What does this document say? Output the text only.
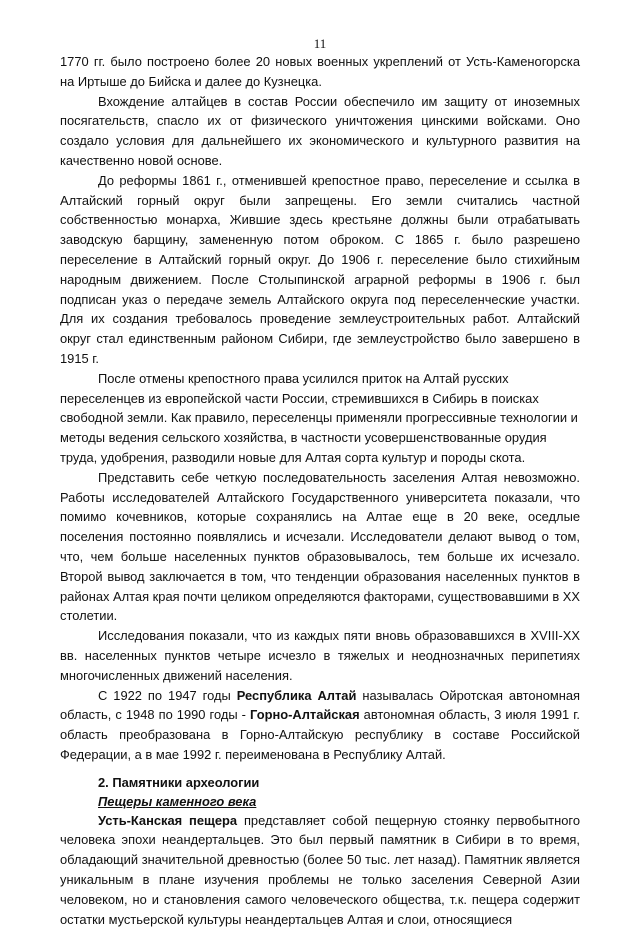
11

1770 гг. было построено более 20 новых военных укреплений от Усть-Каменогорска на Иртыше до Бийска и далее до Кузнецка.

Вхождение алтайцев в состав России обеспечило им защиту от иноземных посягательств, спасло их от физического уничтожения цинскими войсками. Оно создало условия для дальнейшего их экономического и культурного развития на качественно новой основе.

До реформы 1861 г., отменившей крепостное право, переселение и ссылка в Алтайский горный округ были запрещены. Его земли считались частной собственностью монарха, Жившие здесь крестьяне должны были отрабатывать заводскую барщину, замененную потом оброком. С 1865 г. было разрешено переселение в Алтайский горный округ. До 1906 г. переселение было стихийным народным движением. После Столыпинской аграрной реформы в 1906 г. был подписан указ о передаче земель Алтайского округа под переселенческие участки. Для их создания требовалось проведение землеустроительных работ. Алтайский округ стал единственным районом Сибири, где землеустройство было завершено в 1915 г.

После отмены крепостного права усилился приток на Алтай русских переселенцев из европейской части России, стремившихся в Сибирь в поисках свободной земли. Как правило, переселенцы применяли прогрессивные технологии и методы ведения сельского хозяйства, в частности усовершенствованные орудия труда, удобрения, разводили новые для Алтая сорта культур и породы скота.

Представить себе четкую последовательность заселения Алтая невозможно. Работы исследователей Алтайского Государственного университета показали, что помимо кочевников, которые сохранялись на Алтае еще в 20 веке, оседлые поселения постоянно появлялись и исчезали. Исследователи делают вывод о том, что, чем больше населенных пунктов образовывалось, тем больше их исчезало. Второй вывод заключается в том, что тенденции образования населенных пунктов в районах Алтая края почти целиком определяются факторами, существовавшими в XX столетии.

Исследования показали, что из каждых пяти вновь образовавшихся в XVIII-XX вв. населенных пунктов четыре исчезло в тяжелых и неоднозначных перипетиях многочисленных движений населения.

С 1922 по 1947 годы Республика Алтай называлась Ойротская автономная область, с 1948 по 1990 годы - Горно-Алтайская автономная область, 3 июля 1991 г. область преобразована в Горно-Алтайскую республику в составе Российской Федерации, а в мае 1992 г. переименована в Республику Алтай.

2. Памятники археологии
Пещеры каменного века

Усть-Канская пещера представляет собой пещерную стоянку первобытного человека эпохи неандертальцев. Это был первый памятник в Сибири в то время, обладающий значительной древностью (более 50 тыс. лет назад). Памятник является уникальным в плане изучения проблемы не только заселения Северной Азии человеком, но и становления самого человеческого общества, т.к. пещера содержит остатки мустьерской культуры неандертальцев Алтая и слои, относящиеся
